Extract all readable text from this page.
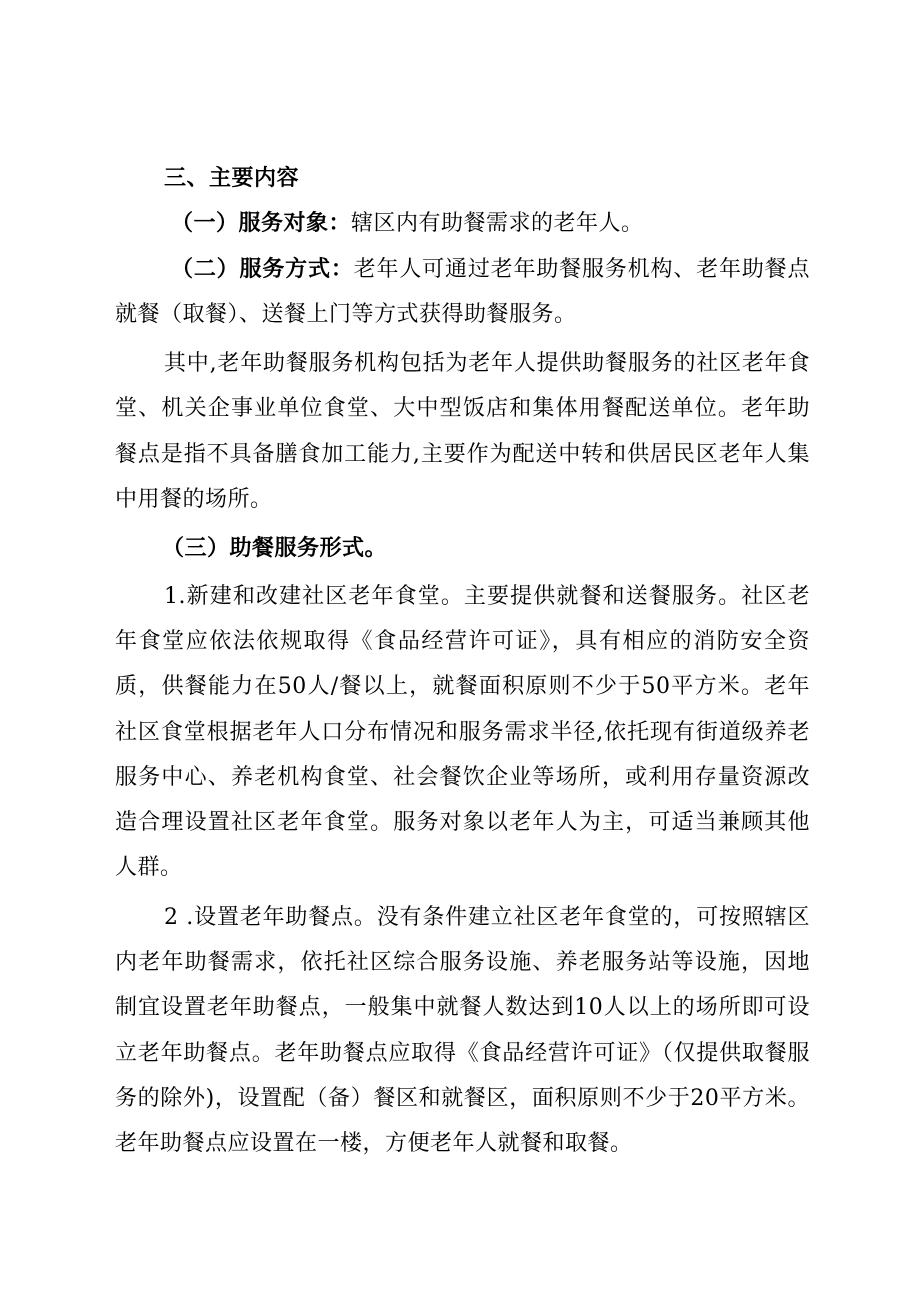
三、主要内容

（一）服务对象：辖区内有助餐需求的老年人。

（二）服务方式：老年人可通过老年助餐服务机构、老年助餐点就餐（取餐）、送餐上门等方式获得助餐服务。

其中,老年助餐服务机构包括为老年人提供助餐服务的社区老年食堂、机关企事业单位食堂、大中型饭店和集体用餐配送单位。老年助餐点是指不具备膳食加工能力,主要作为配送中转和供居民区老年人集中用餐的场所。

（三）助餐服务形式。

1.新建和改建社区老年食堂。主要提供就餐和送餐服务。社区老年食堂应依法依规取得《食品经营许可证》，具有相应的消防安全资质，供餐能力在50人/餐以上，就餐面积原则不少于50平方米。老年社区食堂根据老年人口分布情况和服务需求半径,依托现有街道级养老服务中心、养老机构食堂、社会餐饮企业等场所，或利用存量资源改造合理设置社区老年食堂。服务对象以老年人为主，可适当兼顾其他人群。

2 .设置老年助餐点。没有条件建立社区老年食堂的，可按照辖区内老年助餐需求，依托社区综合服务设施、养老服务站等设施，因地制宜设置老年助餐点，一般集中就餐人数达到10人以上的场所即可设立老年助餐点。老年助餐点应取得《食品经营许可证》（仅提供取餐服务的除外)，设置配（备）餐区和就餐区，面积原则不少于20平方米。老年助餐点应设置在一楼，方便老年人就餐和取餐。
